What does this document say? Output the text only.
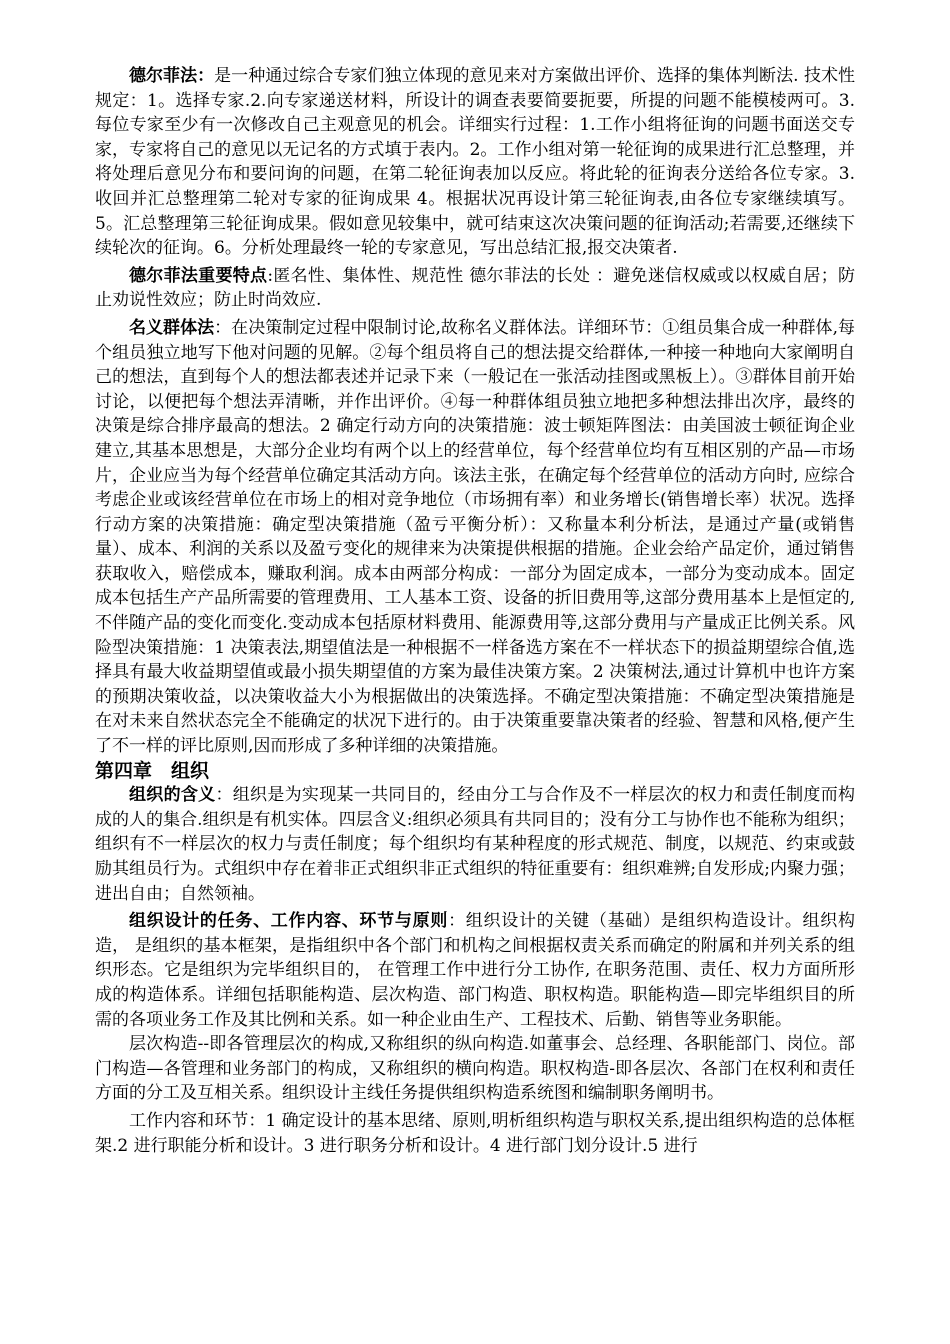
德尔菲法：是一种通过综合专家们独立体现的意见来对方案做出评价、选择的集体判断法. 技术性规定：1。选择专家.2.向专家递送材料，所设计的调查表要简要扼要，所提的问题不能模棱两可。3.每位专家至少有一次修改自己主观意见的机会。详细实行过程：1.工作小组将征询的问题书面送交专家，专家将自己的意见以无记名的方式填于表内。2。工作小组对第一轮征询的成果进行汇总整理，并将处理后意见分布和要问询的问题，在第二轮征询表加以反应。将此轮的征询表分送给各位专家。3.收回并汇总整理第二轮对专家的征询成果 4。根据状况再设计第三轮征询表,由各位专家继续填写。5。汇总整理第三轮征询成果。假如意见较集中，就可结束这次决策问题的征询活动;若需要,还继续下续轮次的征询。6。分析处理最终一轮的专家意见，写出总结汇报,报交决策者.

德尔菲法重要特点:匿名性、集体性、规范性 德尔菲法的长处 ：避免迷信权威或以权威自居；防止劝说性效应；防止时尚效应.

名义群体法：在决策制定过程中限制讨论,故称名义群体法。详细环节：①组员集合成一种群体,每个组员独立地写下他对问题的见解。②每个组员将自己的想法提交给群体,一种接一种地向大家阐明自己的想法，直到每个人的想法都表述并记录下来（一般记在一张活动挂图或黑板上）。③群体目前开始讨论，以便把每个想法弄清晰，并作出评价。④每一种群体组员独立地把多种想法排出次序，最终的决策是综合排序最高的想法。2 确定行动方向的决策措施：波士顿矩阵图法：由美国波士顿征询企业建立,其基本思想是，大部分企业均有两个以上的经营单位，每个经营单位均有互相区别的产品—市场片，企业应当为每个经营单位确定其活动方向。该法主张，在确定每个经营单位的活动方向时, 应综合考虑企业或该经营单位在市场上的相对竞争地位（市场拥有率）和业务增长(销售增长率）状况。选择行动方案的决策措施：确定型决策措施（盈亏平衡分析）：又称量本利分析法，是通过产量(或销售量）、成本、利润的关系以及盈亏变化的规律来为决策提供根据的措施。企业会给产品定价，通过销售获取收入，赔偿成本，赚取利润。成本由两部分构成：一部分为固定成本，一部分为变动成本。固定成本包括生产产品所需要的管理费用、工人基本工资、设备的折旧费用等,这部分费用基本上是恒定的,不伴随产品的变化而变化.变动成本包括原材料费用、能源费用等,这部分费用与产量成正比例关系。风险型决策措施：1 决策表法,期望值法是一种根据不一样备选方案在不一样状态下的损益期望综合值,选择具有最大收益期望值或最小损失期望值的方案为最佳决策方案。2 决策树法,通过计算机中也许方案的预期决策收益，以决策收益大小为根据做出的决策选择。不确定型决策措施：不确定型决策措施是在对未来自然状态完全不能确定的状况下进行的。由于决策重要靠决策者的经验、智慧和风格,便产生了不一样的评比原则,因而形成了多种详细的决策措施。

第四章　组织

组织的含义：组织是为实现某一共同目的，经由分工与合作及不一样层次的权力和责任制度而构成的人的集合.组织是有机实体。四层含义:组织必须具有共同目的；没有分工与协作也不能称为组织；组织有不一样层次的权力与责任制度；每个组织均有某种程度的形式规范、制度，以规范、约束或鼓励其组员行为。式组织中存在着非正式组织非正式组织的特征重要有：组织难辨;自发形成;内聚力强；进出自由；自然领袖。

组织设计的任务、工作内容、环节与原则：组织设计的关键（基础）是组织构造设计。组织构造， 是组织的基本框架，是指组织中各个部门和机构之间根据权责关系而确定的附属和并列关系的组织形态。它是组织为完毕组织目的， 在管理工作中进行分工协作, 在职务范围、责任、权力方面所形成的构造体系。详细包括职能构造、层次构造、部门构造、职权构造。职能构造—即完毕组织目的所需的各项业务工作及其比例和关系。如一种企业由生产、工程技术、后勤、销售等业务职能。

层次构造--即各管理层次的构成,又称组织的纵向构造.如董事会、总经理、各职能部门、岗位。部门构造—各管理和业务部门的构成，又称组织的横向构造。职权构造-即各层次、各部门在权利和责任方面的分工及互相关系。组织设计主线任务提供组织构造系统图和编制职务阐明书。

工作内容和环节：1 确定设计的基本思绪、原则,明析组织构造与职权关系,提出组织构造的总体框架.2 进行职能分析和设计。3 进行职务分析和设计。4 进行部门划分设计.5 进行
